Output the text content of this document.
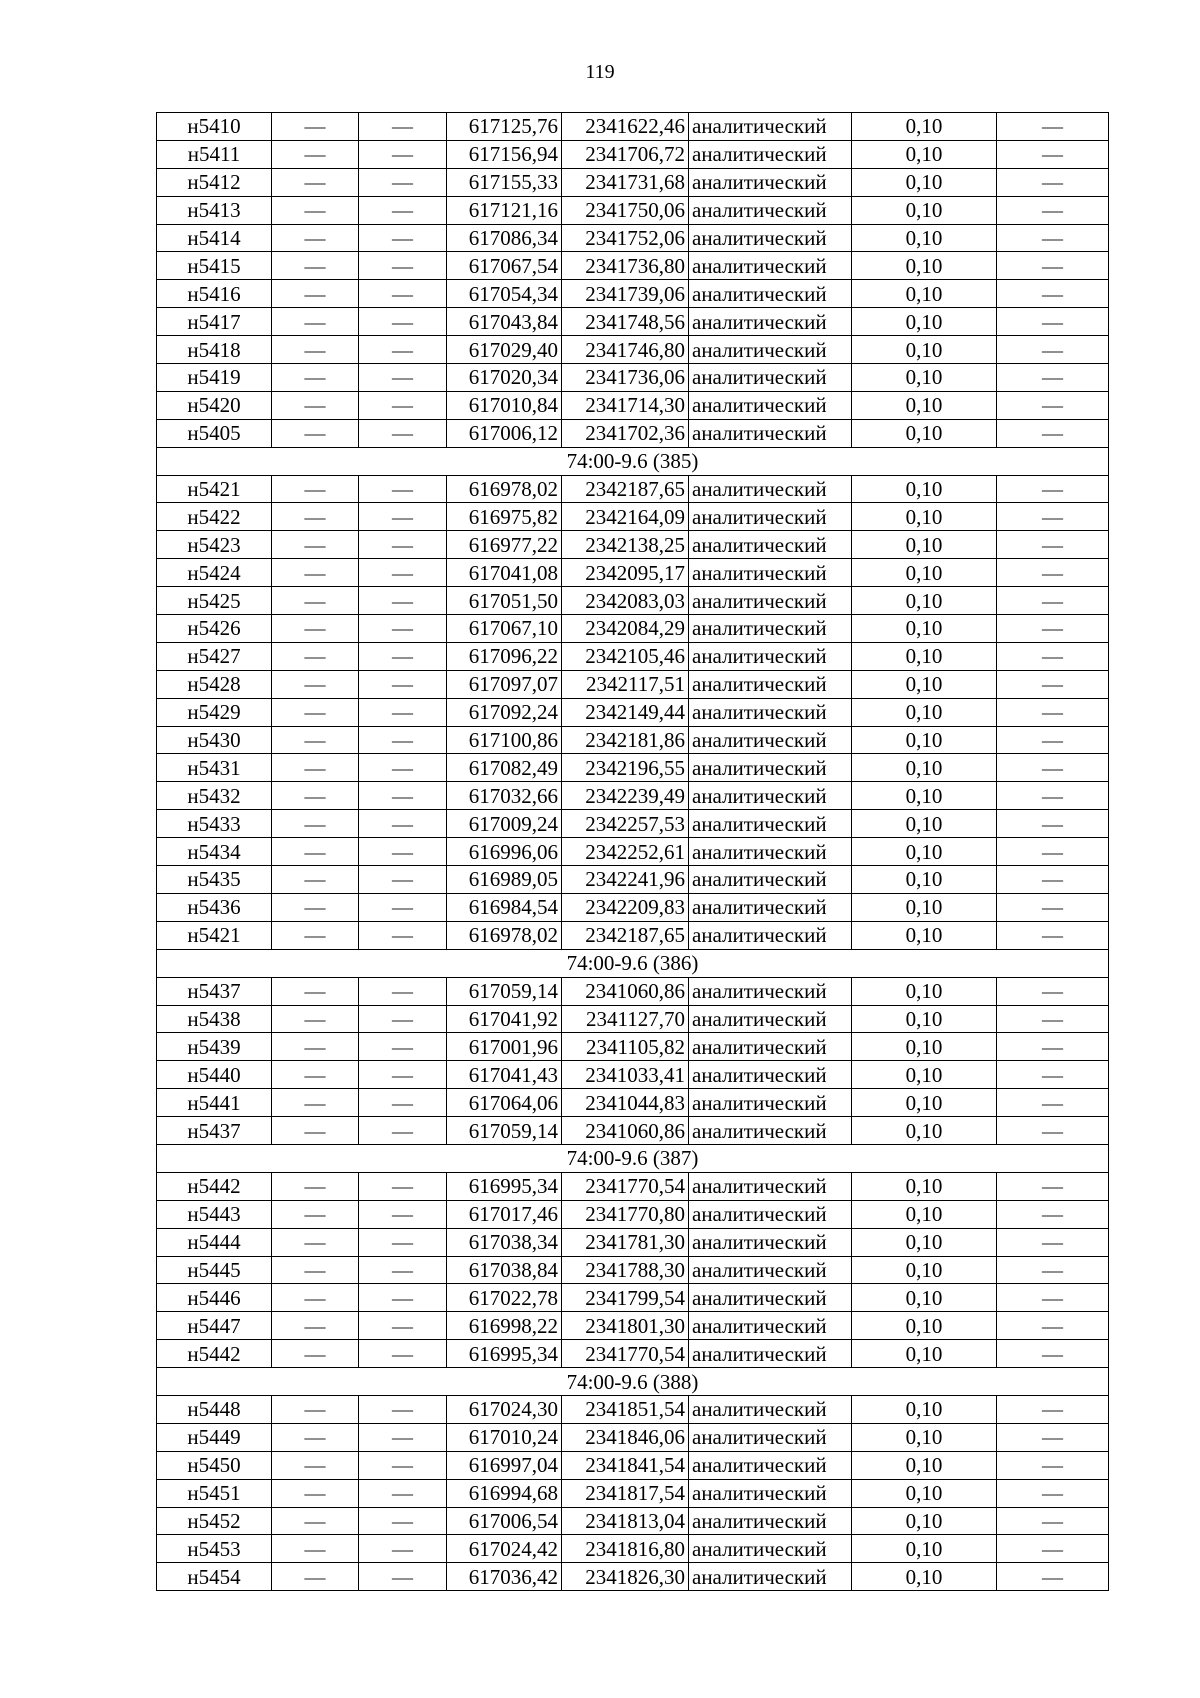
119
н5410	—	—	617125,76	2341622,46	аналитический	0,10	—
н5411	—	—	617156,94	2341706,72	аналитический	0,10	—
н5412	—	—	617155,33	2341731,68	аналитический	0,10	—
н5413	—	—	617121,16	2341750,06	аналитический	0,10	—
н5414	—	—	617086,34	2341752,06	аналитический	0,10	—
н5415	—	—	617067,54	2341736,80	аналитический	0,10	—
н5416	—	—	617054,34	2341739,06	аналитический	0,10	—
н5417	—	—	617043,84	2341748,56	аналитический	0,10	—
н5418	—	—	617029,40	2341746,80	аналитический	0,10	—
н5419	—	—	617020,34	2341736,06	аналитический	0,10	—
н5420	—	—	617010,84	2341714,30	аналитический	0,10	—
н5405	—	—	617006,12	2341702,36	аналитический	0,10	—
74:00-9.6 (385)							
н5421	—	—	616978,02	2342187,65	аналитический	0,10	—
н5422	—	—	616975,82	2342164,09	аналитический	0,10	—
н5423	—	—	616977,22	2342138,25	аналитический	0,10	—
н5424	—	—	617041,08	2342095,17	аналитический	0,10	—
н5425	—	—	617051,50	2342083,03	аналитический	0,10	—
н5426	—	—	617067,10	2342084,29	аналитический	0,10	—
н5427	—	—	617096,22	2342105,46	аналитический	0,10	—
н5428	—	—	617097,07	2342117,51	аналитический	0,10	—
н5429	—	—	617092,24	2342149,44	аналитический	0,10	—
н5430	—	—	617100,86	2342181,86	аналитический	0,10	—
н5431	—	—	617082,49	2342196,55	аналитический	0,10	—
н5432	—	—	617032,66	2342239,49	аналитический	0,10	—
н5433	—	—	617009,24	2342257,53	аналитический	0,10	—
н5434	—	—	616996,06	2342252,61	аналитический	0,10	—
н5435	—	—	616989,05	2342241,96	аналитический	0,10	—
н5436	—	—	616984,54	2342209,83	аналитический	0,10	—
н5421	—	—	616978,02	2342187,65	аналитический	0,10	—
74:00-9.6 (386)							
н5437	—	—	617059,14	2341060,86	аналитический	0,10	—
н5438	—	—	617041,92	2341127,70	аналитический	0,10	—
н5439	—	—	617001,96	2341105,82	аналитический	0,10	—
н5440	—	—	617041,43	2341033,41	аналитический	0,10	—
н5441	—	—	617064,06	2341044,83	аналитический	0,10	—
н5437	—	—	617059,14	2341060,86	аналитический	0,10	—
74:00-9.6 (387)							
н5442	—	—	616995,34	2341770,54	аналитический	0,10	—
н5443	—	—	617017,46	2341770,80	аналитический	0,10	—
н5444	—	—	617038,34	2341781,30	аналитический	0,10	—
н5445	—	—	617038,84	2341788,30	аналитический	0,10	—
н5446	—	—	617022,78	2341799,54	аналитический	0,10	—
н5447	—	—	616998,22	2341801,30	аналитический	0,10	—
н5442	—	—	616995,34	2341770,54	аналитический	0,10	—
74:00-9.6 (388)							
н5448	—	—	617024,30	2341851,54	аналитический	0,10	—
н5449	—	—	617010,24	2341846,06	аналитический	0,10	—
н5450	—	—	616997,04	2341841,54	аналитический	0,10	—
н5451	—	—	616994,68	2341817,54	аналитический	0,10	—
н5452	—	—	617006,54	2341813,04	аналитический	0,10	—
н5453	—	—	617024,42	2341816,80	аналитический	0,10	—
н5454	—	—	617036,42	2341826,30	аналитический	0,10	—
